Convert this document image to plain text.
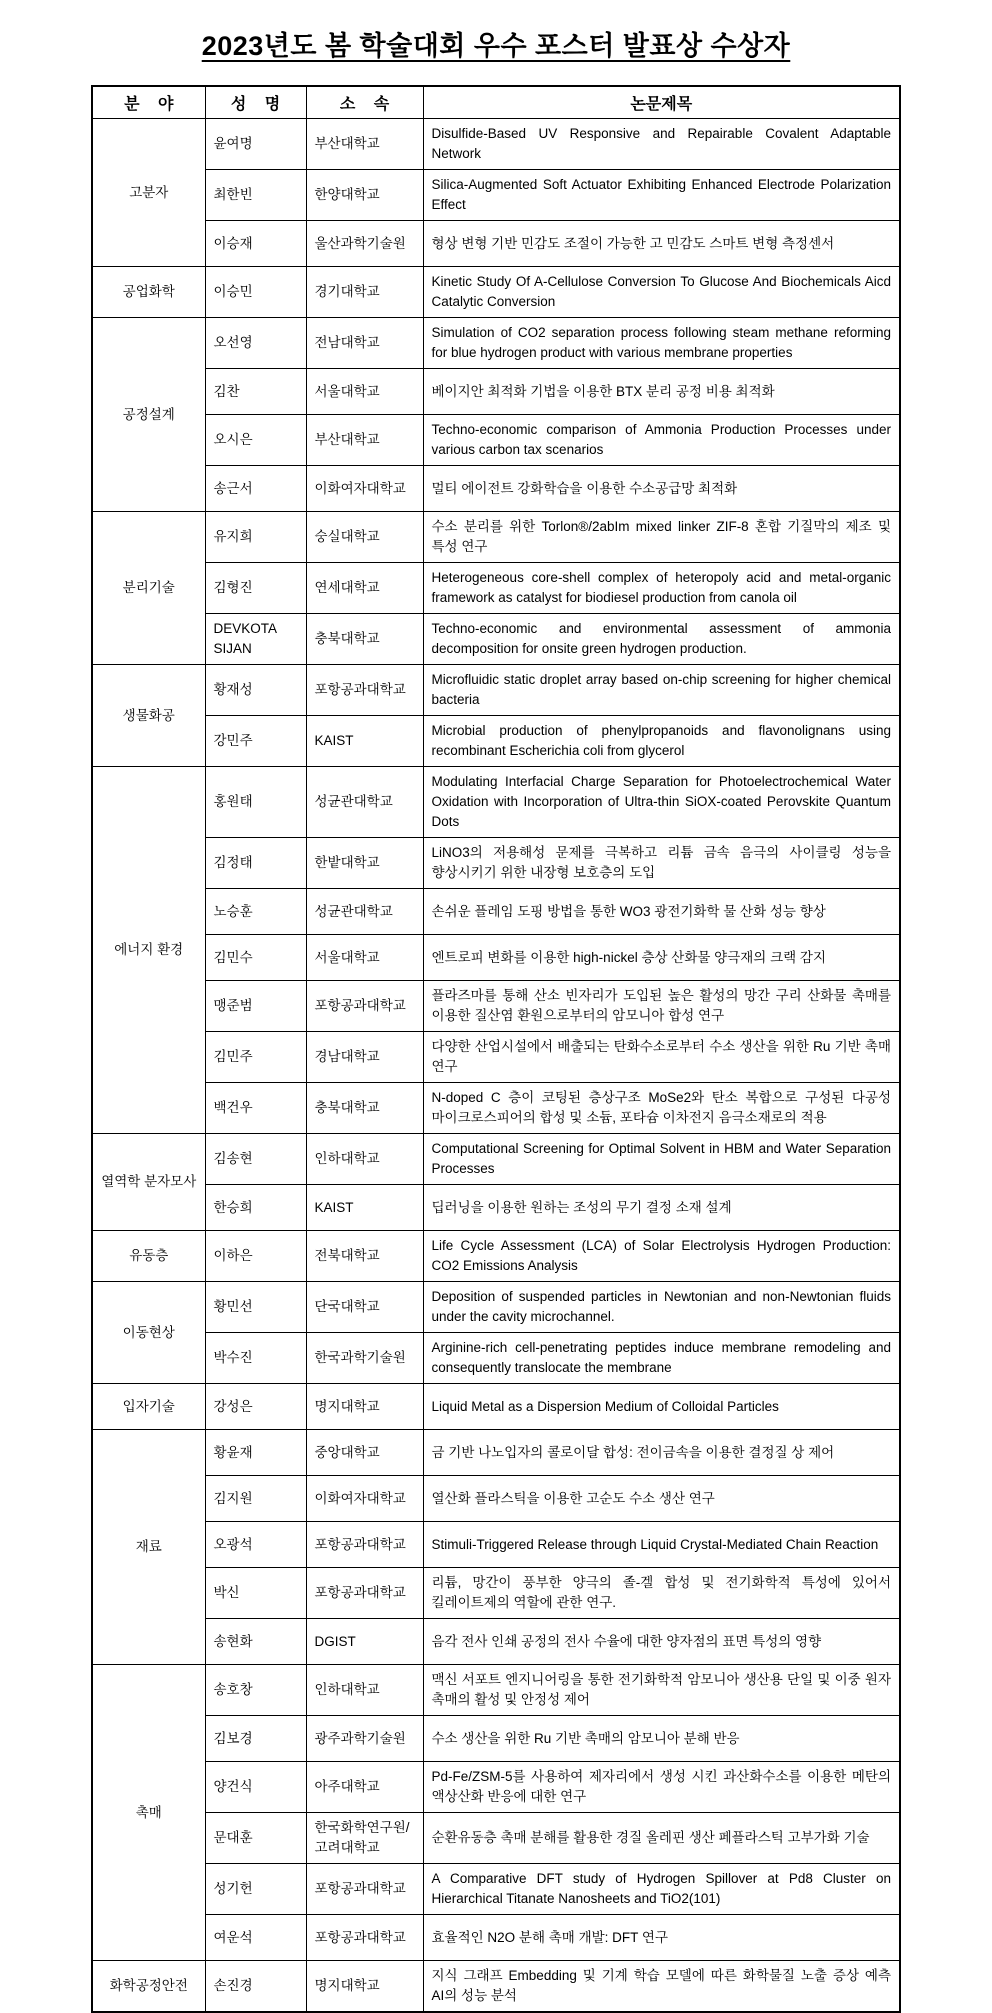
2023년도 봄 학술대회 우수 포스터 발표상 수상자
분 야	성 명	소 속	논문제목
고분자	윤여명	부산대학교	Disulfide-Based UV Responsive and Repairable Covalent Adaptable Network
	최한빈	한양대학교	Silica-Augmented Soft Actuator Exhibiting Enhanced Electrode Polarization Effect
	이승재	울산과학기술원	형상 변형 기반 민감도 조절이 가능한 고 민감도 스마트 변형 측정센서
공업화학	이승민	경기대학교	Kinetic Study Of A-Cellulose Conversion To Glucose And Biochemicals Aicd Catalytic Conversion
공정설계	오선영	전남대학교	Simulation of CO2 separation process following steam methane reforming for blue hydrogen product with various membrane properties
	김찬	서울대학교	베이지안 최적화 기법을 이용한 BTX 분리 공정 비용 최적화
	오시은	부산대학교	Techno-economic comparison of Ammonia Production Processes under various carbon tax scenarios
	송근서	이화여자대학교	멀티 에이전트 강화학습을 이용한 수소공급망 최적화
분리기술	유지희	숭실대학교	수소 분리를 위한 Torlon®/2abIm mixed linker ZIF-8 혼합 기질막의 제조 및 특성 연구
	김형진	연세대학교	Heterogeneous core-shell complex of heteropoly acid and metal-organic framework as catalyst for biodiesel production from canola oil
	DEVKOTA SIJAN	충북대학교	Techno-economic and environmental assessment of ammonia decomposition for onsite green hydrogen production.
생물화공	황재성	포항공과대학교	Microfluidic static droplet array based on-chip screening for higher chemical bacteria
	강민주	KAIST	Microbial production of phenylpropanoids and flavonolignans using recombinant Escherichia coli from glycerol
에너지 환경	홍원태	성균관대학교	Modulating Interfacial Charge Separation for Photoelectrochemical Water Oxidation with Incorporation of Ultra-thin SiOX-coated Perovskite Quantum Dots
	김정태	한밭대학교	LiNO3의 저용해성 문제를 극복하고 리튬 금속 음극의 사이클링 성능을 향상시키기 위한 내장형 보호층의 도입
	노승훈	성균관대학교	손쉬운 플레임 도핑 방법을 통한 WO3 광전기화학 물 산화 성능 향상
	김민수	서울대학교	엔트로피 변화를 이용한 high-nickel 층상 산화물 양극재의 크랙 감지
	맹준범	포항공과대학교	플라즈마를 통해 산소 빈자리가 도입된 높은 활성의 망간 구리 산화물 촉매를 이용한 질산염 환원으로부터의 암모니아 합성 연구
	김민주	경남대학교	다양한 산업시설에서 배출되는 탄화수소로부터 수소 생산을 위한 Ru 기반 촉매 연구
	백건우	충북대학교	N-doped C 층이 코팅된 층상구조 MoSe2와 탄소 복합으로 구성된 다공성 마이크로스피어의 합성 및 소듐, 포타슘 이차전지 음극소재로의 적용
열역학 분자모사	김송현	인하대학교	Computational Screening for Optimal Solvent in HBM and Water Separation Processes
	한승희	KAIST	딥러닝을 이용한 원하는 조성의 무기 결정 소재 설계
유동층	이하은	전북대학교	Life Cycle Assessment (LCA) of Solar Electrolysis Hydrogen Production: CO2 Emissions Analysis
이동현상	황민선	단국대학교	Deposition of suspended particles in Newtonian and non-Newtonian fluids under the cavity microchannel.
	박수진	한국과학기술원	Arginine-rich cell-penetrating peptides induce membrane remodeling and consequently translocate the membrane
입자기술	강성은	명지대학교	Liquid Metal as a Dispersion Medium of Colloidal Particles
재료	황윤재	중앙대학교	금 기반 나노입자의 콜로이달 합성: 전이금속을 이용한 결정질 상 제어
	김지원	이화여자대학교	열산화 플라스틱을 이용한 고순도 수소 생산 연구
	오광석	포항공과대학교	Stimuli-Triggered Release through Liquid Crystal-Mediated Chain Reaction
	박신	포항공과대학교	리튬, 망간이 풍부한 양극의 졸-겔 합성 및 전기화학적 특성에 있어서 킬레이트제의 역할에 관한 연구.
	송현화	DGIST	음각 전사 인쇄 공정의 전사 수율에 대한 양자점의 표면 특성의 영향
촉매	송호창	인하대학교	맥신 서포트 엔지니어링을 통한 전기화학적 암모니아 생산용 단일 및 이중 원자 촉매의 활성 및 안정성 제어
	김보경	광주과학기술원	수소 생산을 위한 Ru 기반 촉매의 암모니아 분해 반응
	양건식	아주대학교	Pd-Fe/ZSM-5를 사용하여 제자리에서 생성 시킨 과산화수소를 이용한 메탄의 액상산화 반응에 대한 연구
	문대훈	한국화학연구원/고려대학교	순환유동층 촉매 분해를 활용한 경질 올레핀 생산 페플라스틱 고부가화 기술
	성기헌	포항공과대학교	A Comparative DFT study of Hydrogen Spillover at Pd8 Cluster on Hierarchical Titanate Nanosheets and TiO2(101)
	여운석	포항공과대학교	효율적인 N2O 분해 촉매 개발: DFT 연구
화학공정안전	손진경	명지대학교	지식 그래프 Embedding 및 기계 학습 모델에 따른 화학물질 노출 증상 예측 AI의 성능 분석
